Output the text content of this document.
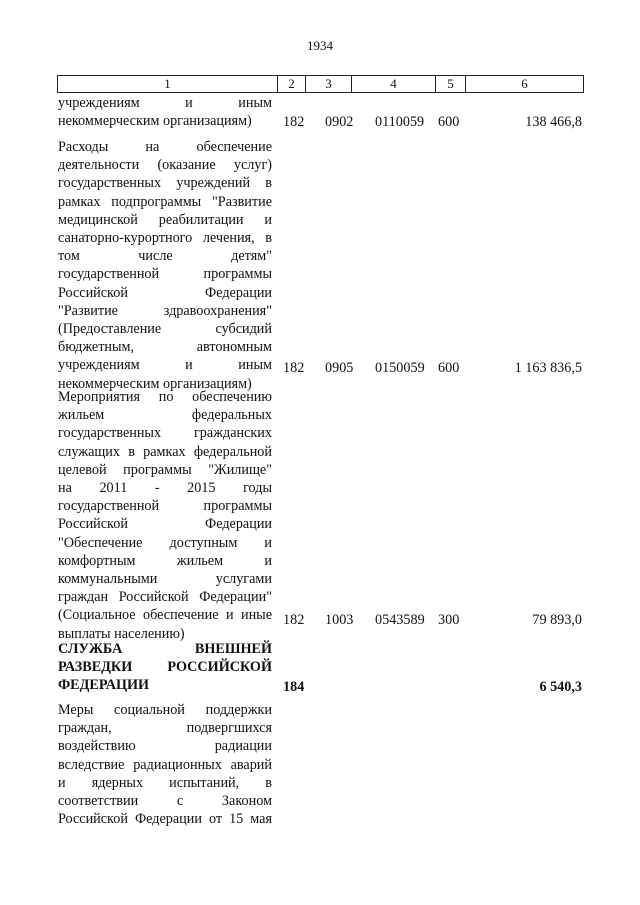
1934
1	2	3	4	5	6
учреждениям и иным
некоммерческим организациям)	182 0902 0110059 600	138 466,8
Расходы на обеспечение
деятельности (оказание услуг)
государственных учреждений в
рамках подпрограммы "Развитие
медицинской реабилитации и
санаторно-курортного лечения, в
том числе детям"
государственной программы
Российской Федерации
"Развитие здравоохранения"
(Предоставление субсидий
бюджетным, автономным
учреждениям и иным
некоммерческим организациям)
182 0905 0150059 600	1 163 836,5
Мероприятия по обеспечению
жильем федеральных
государственных гражданских
служащих в рамках федеральной
целевой программы "Жилище"
на 2011 - 2015 годы
государственной программы
Российской Федерации
"Обеспечение доступным и
комфортным жильем и
коммунальными услугами
граждан Российской Федерации"
(Социальное обеспечение и иные
выплаты населению)
182 1003 0543589 300	79 893,0
СЛУЖБА ВНЕШНЕЙ
РАЗВЕДКИ РОССИЙСКОЙ
ФЕДЕРАЦИИ	184	6 540,3
Меры социальной поддержки
граждан, подвергшихся
воздействию радиации
вследствие радиационных аварий
и ядерных испытаний, в
соответствии с Законом
Российской Федерации от 15 мая
